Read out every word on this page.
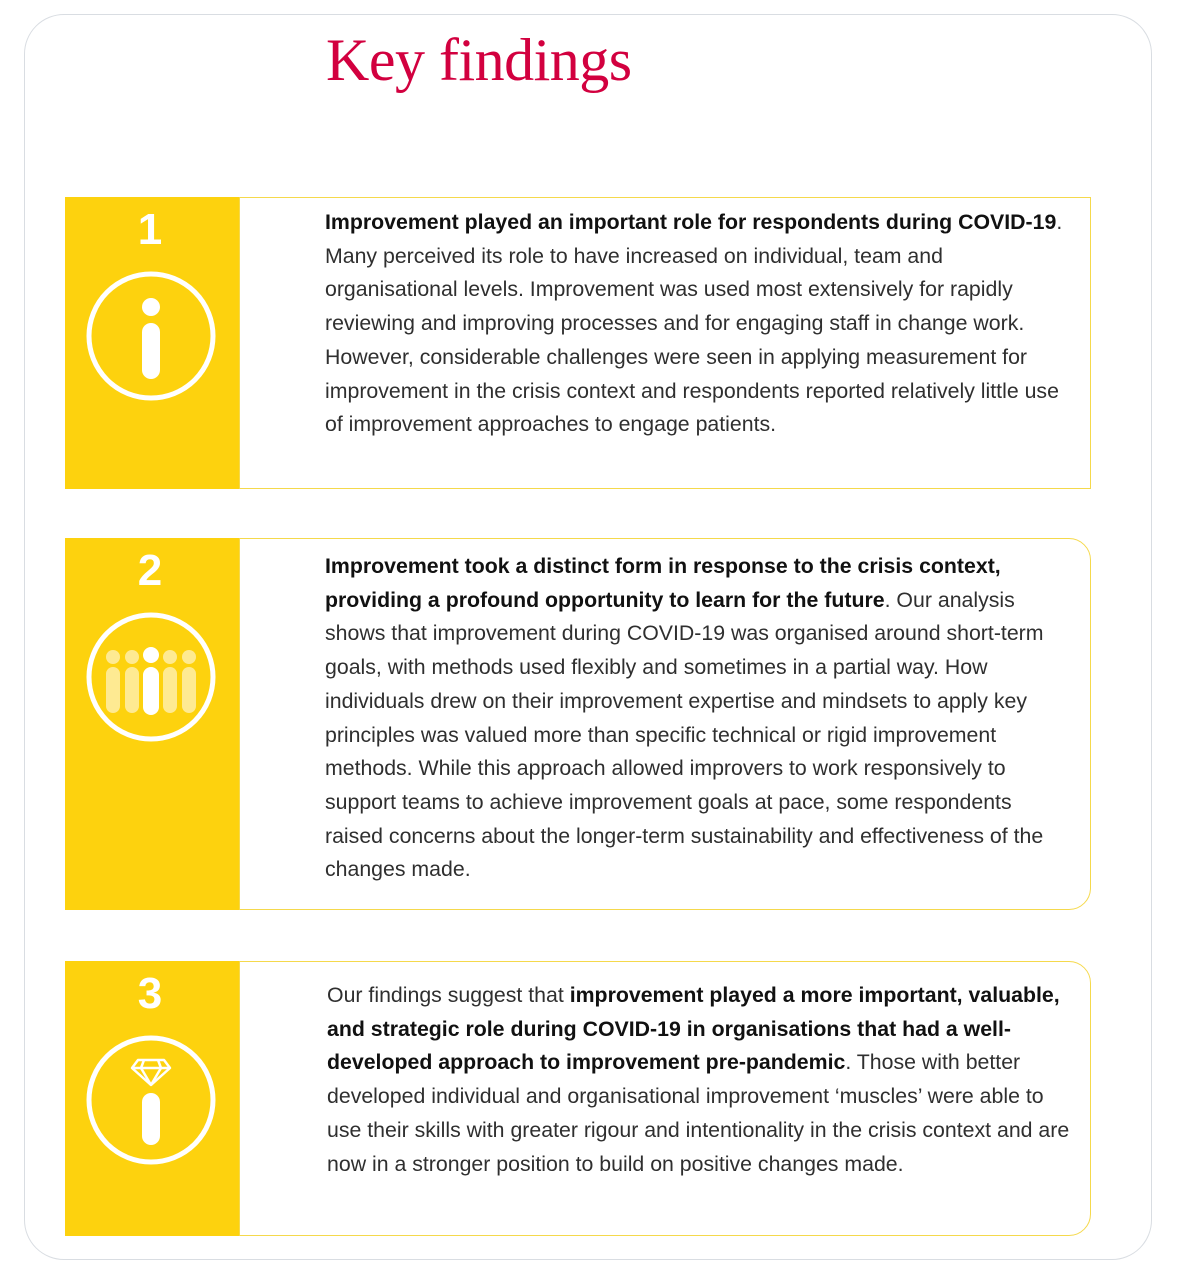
Key findings
1	Improvement played an important role for respondents during COVID-19. Many perceived its role to have increased on individual, team and organisational levels. Improvement was used most extensively for rapidly reviewing and improving processes and for engaging staff in change work. However, considerable challenges were seen in applying measurement for improvement in the crisis context and respondents reported relatively little use of improvement approaches to engage patients.
2	Improvement took a distinct form in response to the crisis context, providing a profound opportunity to learn for the future. Our analysis shows that improvement during COVID-19 was organised around short-term goals, with methods used flexibly and sometimes in a partial way. How individuals drew on their improvement expertise and mindsets to apply key principles was valued more than specific technical or rigid improvement methods. While this approach allowed improvers to work responsively to support teams to achieve improvement goals at pace, some respondents raised concerns about the longer-term sustainability and effectiveness of the changes made.
3	Our findings suggest that improvement played a more important, valuable, and strategic role during COVID-19 in organisations that had a well-developed approach to improvement pre-pandemic. Those with better developed individual and organisational improvement ‘muscles’ were able to use their skills with greater rigour and intentionality in the crisis context and are now in a stronger position to build on positive changes made.
